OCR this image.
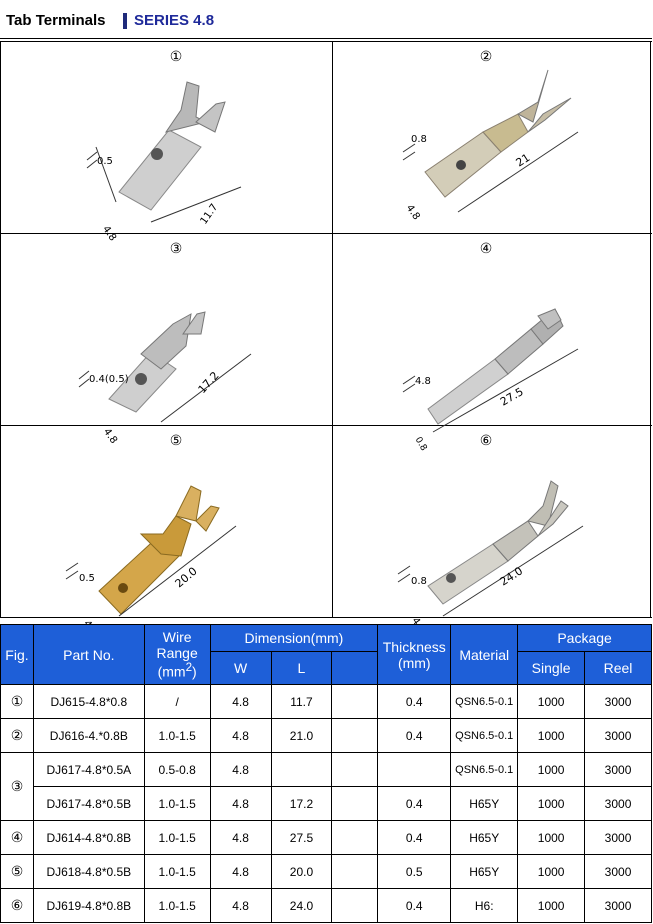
Tab Terminals SERIES 4.8
①
0.5
4.8
11.7
②
0.8
4.8
21
③
0.4(0.5)
4.8
17.2
④
4.8
0.8
27.5
⑤
0.5	20.0
⑥
0.8	24.0
Fig.	Part No.	Wire Range
$(mm^2)$	Dimension(mm)			Thickness
(mm)	Material	Package	
			W	L				Single	Reel
①	DJ615-4.8*0.8	/	4.8	11.7		0.4	QSN6.5-0.1	1000	3000
②	DJ616-4.*0.8B	1.0-1.5	4.8	21.0		0.4	QSN6.5-0.1	1000	3000
③	DJ617-4.8*0.5A	0.5-0.8	4.8				QSN6.5-0.1	1000	3000
	DJ617-4.8*0.5B	1.0-1.5	4.8	17.2		0.4	H65Y	1000	3000
④	DJ614-4.8*0.8B	1.0-1.5	4.8	27.5		0.4	H65Y	1000	3000
⑤	DJ618-4.8*0.5B	1.0-1.5	4.8	20.0		0.5	H65Y	1000	3000
⑥	DJ619-4.8*0.8B	1.0-1.5	4.8	24.0		0.4	H6:	1000	3000
